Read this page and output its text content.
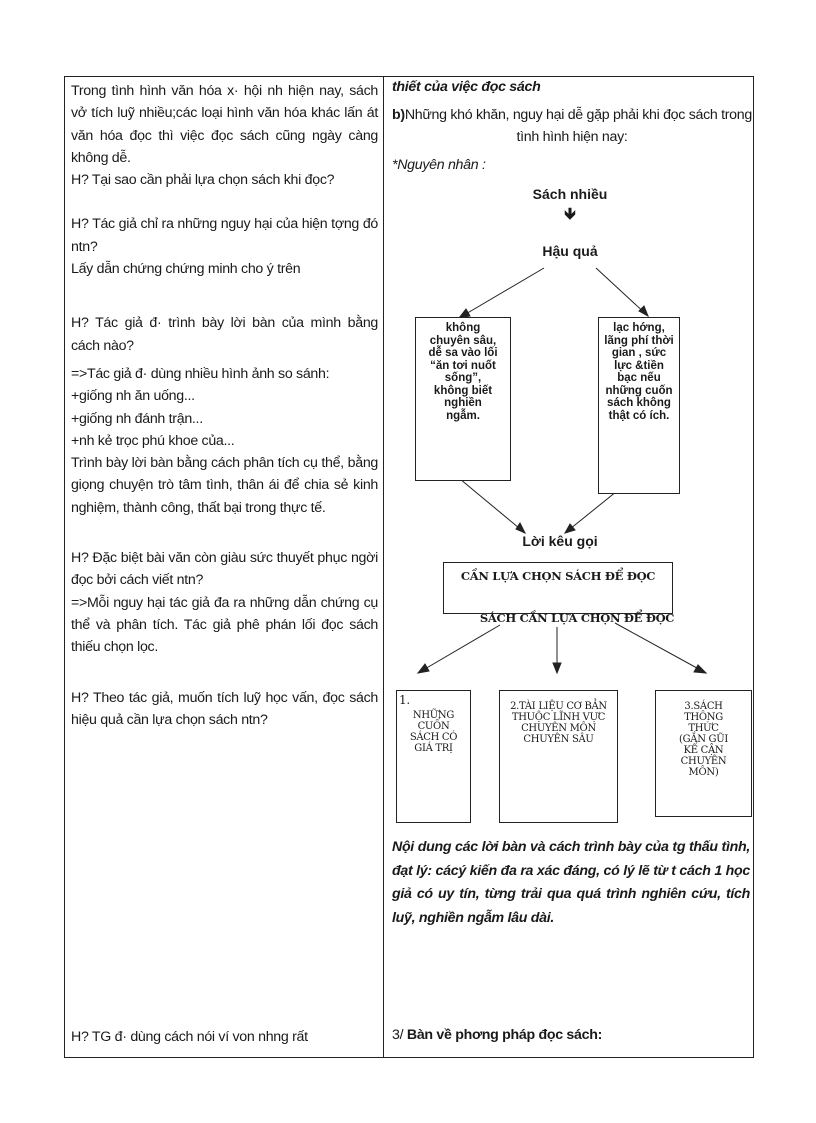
Trong tình hình văn hóa x· hội nh hiện nay, sách vở tích luỹ nhiều;các loại hình văn hóa khác lấn át văn hóa đọc thì việc đọc sách cũng ngày càng không dễ.

H? Tại sao cần phải lựa chọn sách khi đọc?

H? Tác giả chỉ ra những nguy hại của hiện tợng đó ntn?

Lấy dẫn chứng chứng minh cho ý trên

H? Tác giả đ· trình bày lời bàn của mình bằng cách nào?

=>Tác giả đ· dùng nhiều hình ảnh so sánh:

+giống nh ăn uống...

+giống nh đánh trận...

+nh kẻ trọc phú khoe của...

Trình bày lời bàn bằng cách phân tích cụ thể, bằng giọng chuyện trò tâm tình, thân ái để chia sẻ kinh nghiệm, thành công, thất bại trong thực tế.

H? Đặc biệt bài văn còn giàu sức thuyết phục ngời đọc bởi cách viết ntn?

=>Mỗi nguy hại tác giả đa ra những dẫn chứng cụ thể và phân tích. Tác giả phê phán lối đọc sách thiếu chọn lọc.

H? Theo tác giả, muốn tích luỹ học vấn, đọc sách hiệu quả cần lựa chọn sách ntn?

H? TG đ· dùng cách nói ví von nhng rất
thiết của việc đọc sách
b)Những khó khăn, nguy hại dễ gặp phải khi đọc sách trong tình hình hiện nay:
*Nguyên nhân :
Sách nhiều
🡻
Hậu quả
không chuyên sâu, dễ sa vào lối “ăn tơi nuốt sống”, không biết nghiền ngẫm.
lạc hớng, lãng phí thời gian , sức lực &tiền bạc nếu những cuốn sách không thật có ích.
Lời kêu gọi
CẦN LỰA CHỌN SÁCH ĐỂ ĐỌC
SÁCH CẦN LỰA CHỌN ĐỂ ĐỌC
1.
NHỮNG CUỐN SÁCH CÓ GIÁ TRỊ
2.TÀI LIỆU CƠ BẢN THUỘC LĨNH VỰC CHUYÊN MÔN CHUYÊN SÂU
3.SÁCH THÔNG THỨC (GẮN GŨI KẾ CẬN CHUYÊN MÔN)
Nội dung các lời bàn và cách trình bày của tg thấu tình, đạt lý: cácý kiến đa ra xác đáng, có lý lẽ từ t cách 1 học giả có uy tín, từng trải qua quá trình nghiên cứu, tích luỹ, nghiền ngẫm lâu dài.
3/ Bàn về phơng pháp đọc sách:
